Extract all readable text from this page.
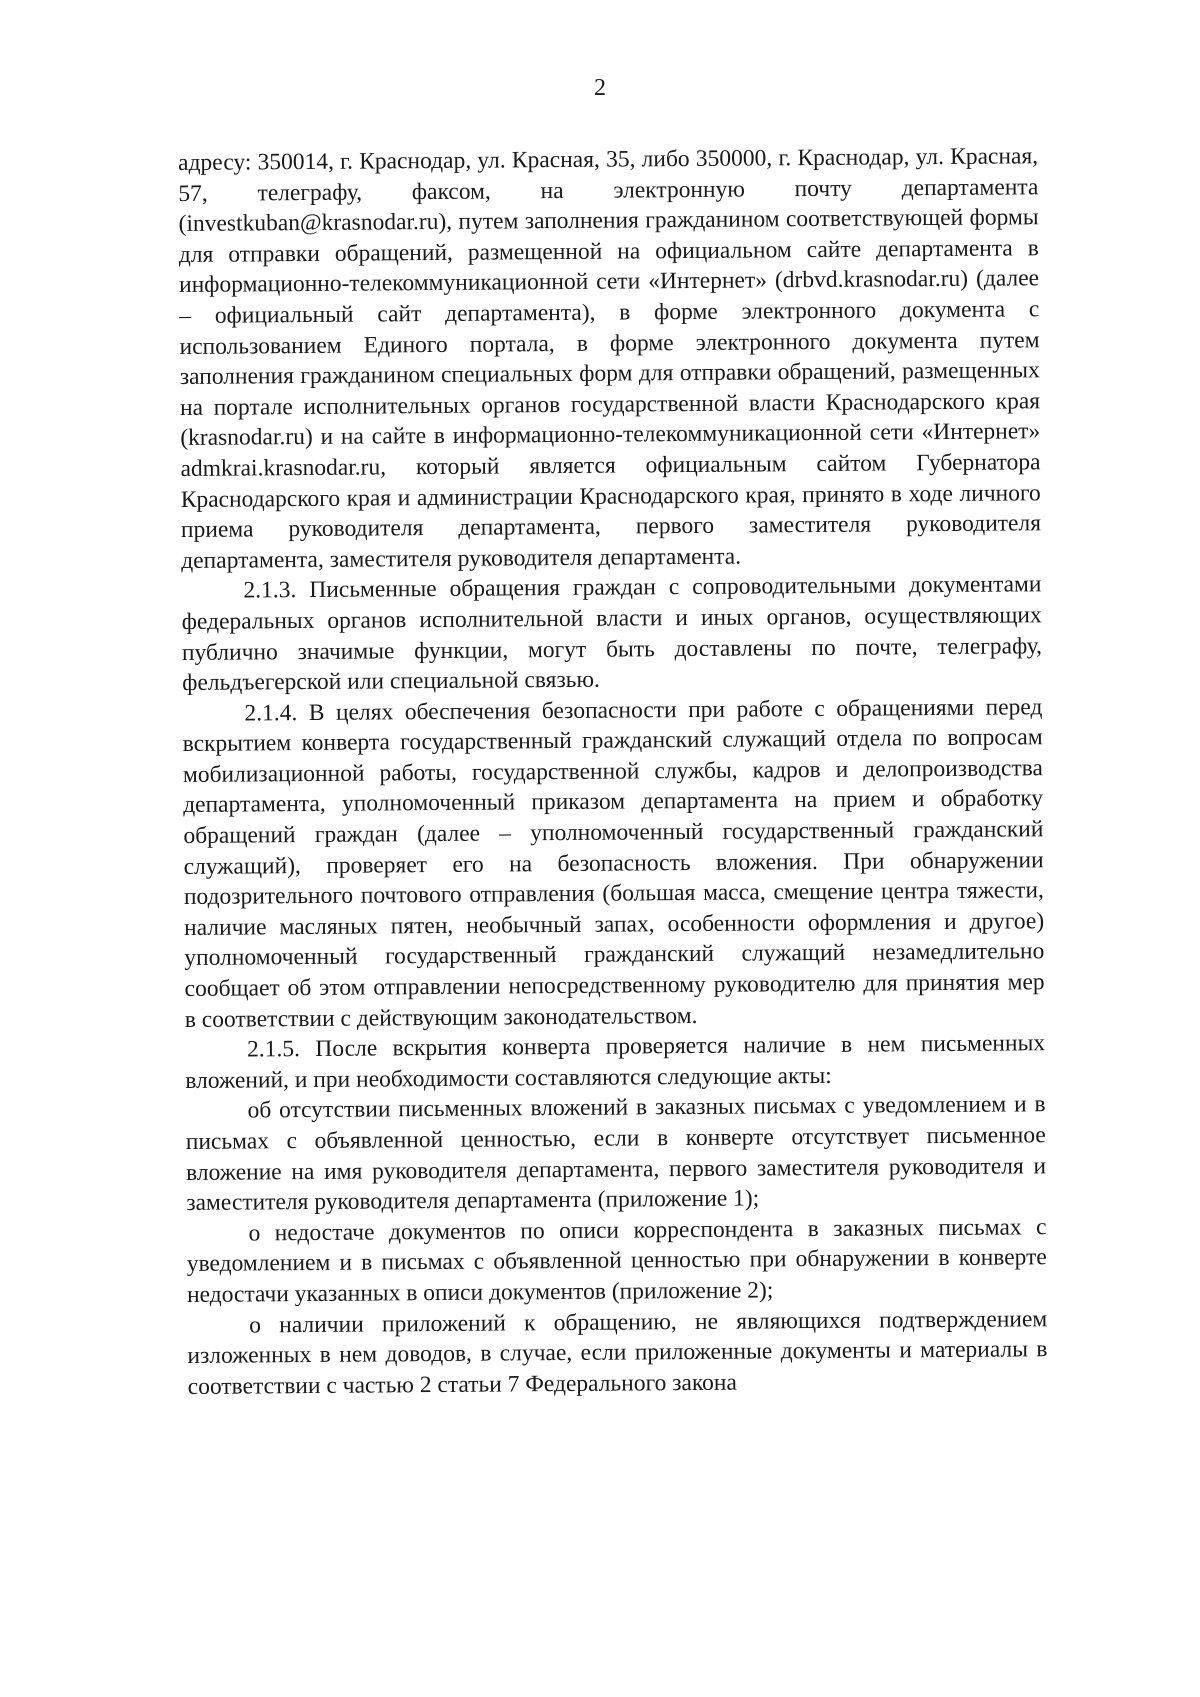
2

адресу: 350014, г. Краснодар, ул. Красная, 35, либо 350000, г. Краснодар, ул. Красная, 57, телеграфу, факсом, на электронную почту департамента (investkuban@krasnodar.ru), путем заполнения гражданином соответствующей формы для отправки обращений, размещенной на официальном сайте департамента в информационно-телекоммуникационной сети «Интернет» (drbvd.krasnodar.ru) (далее – официальный сайт департамента), в форме электронного документа с использованием Единого портала, в форме электронного документа путем заполнения гражданином специальных форм для отправки обращений, размещенных на портале исполнительных органов государственной власти Краснодарского края (krasnodar.ru) и на сайте в информационно-телекоммуникационной сети «Интернет» admkrai.krasnodar.ru, который является официальным сайтом Губернатора Краснодарского края и администрации Краснодарского края, принято в ходе личного приема руководителя департамента, первого заместителя руководителя департамента, заместителя руководителя департамента.

2.1.3. Письменные обращения граждан с сопроводительными документами федеральных органов исполнительной власти и иных органов, осуществляющих публично значимые функции, могут быть доставлены по почте, телеграфу, фельдъегерской или специальной связью.

2.1.4. В целях обеспечения безопасности при работе с обращениями перед вскрытием конверта государственный гражданский служащий отдела по вопросам мобилизационной работы, государственной службы, кадров и делопроизводства департамента, уполномоченный приказом департамента на прием и обработку обращений граждан (далее – уполномоченный государственный гражданский служащий), проверяет его на безопасность вложения. При обнаружении подозрительного почтового отправления (большая масса, смещение центра тяжести, наличие масляных пятен, необычный запах, особенности оформления и другое) уполномоченный государственный гражданский служащий незамедлительно сообщает об этом отправлении непосредственному руководителю для принятия мер в соответствии с действующим законодательством.

2.1.5. После вскрытия конверта проверяется наличие в нем письменных вложений, и при необходимости составляются следующие акты:

об отсутствии письменных вложений в заказных письмах с уведомлением и в письмах с объявленной ценностью, если в конверте отсутствует письменное вложение на имя руководителя департамента, первого заместителя руководителя и заместителя руководителя департамента (приложение 1);

о недостаче документов по описи корреспондента в заказных письмах с уведомлением и в письмах с объявленной ценностью при обнаружении в конверте недостачи указанных в описи документов (приложение 2);

о наличии приложений к обращению, не являющихся подтверждением изложенных в нем доводов, в случае, если приложенные документы и материалы в соответствии с частью 2 статьи 7 Федерального закона
